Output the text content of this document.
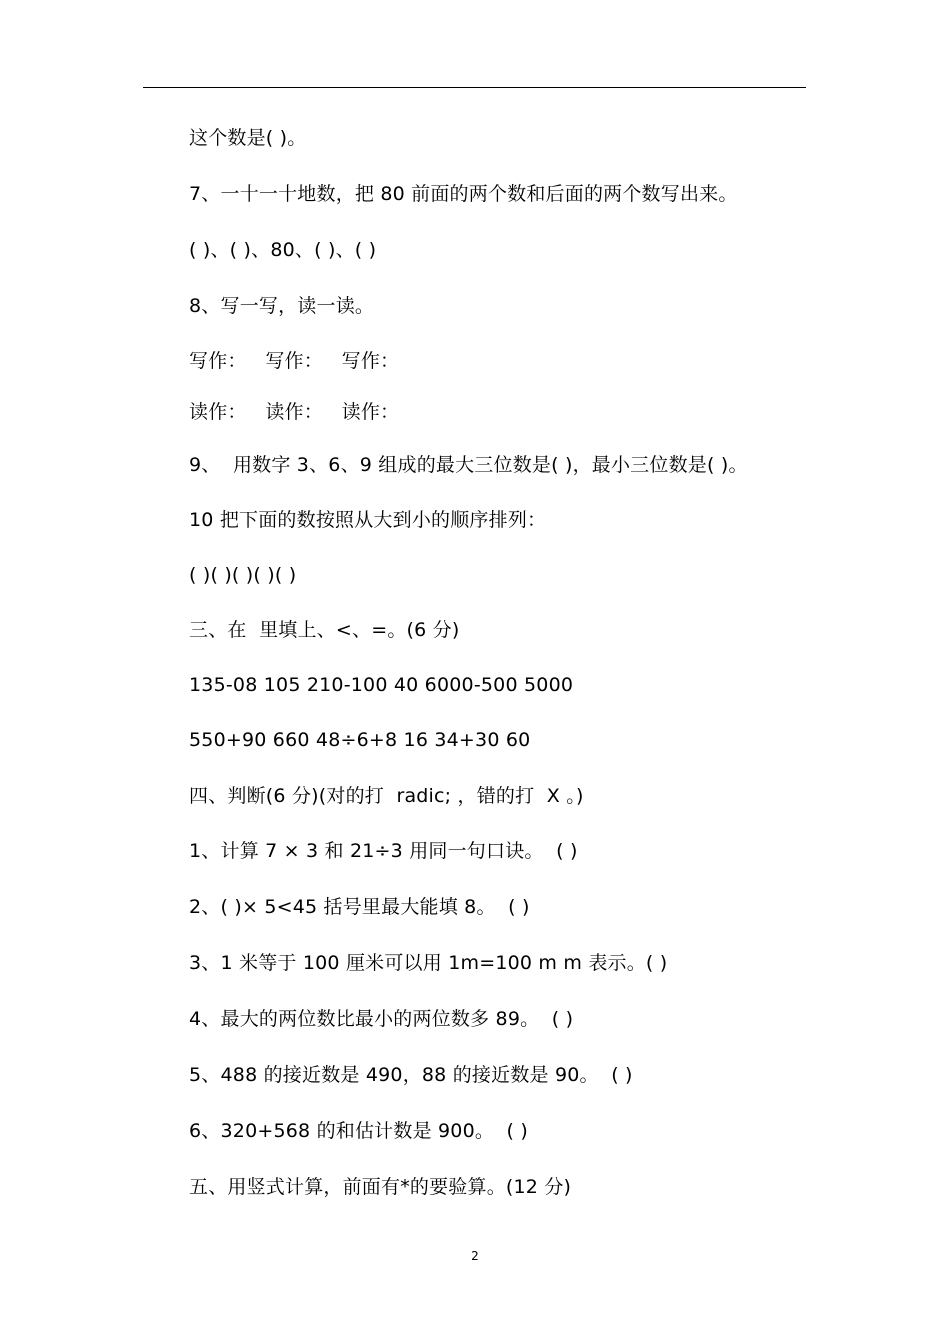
这个数是( )。
7、一十一十地数，把 80 前面的两个数和后面的两个数写出来。
( )、( )、80、( )、( )
8、写一写，读一读。
写作：   写作：   写作：
读作：   读作：   读作：
9、  用数字 3、6、9 组成的最大三位数是( )，最小三位数是( )。
10 把下面的数按照从大到小的顺序排列：
( )( )( )( )( )
三、在  里填上、<、=。(6 分)
135-08 105 210-100 40 6000-500 5000
550+90 660 48÷6+8 16 34+30 60
四、判断(6 分)(对的打  radic; ，错的打  X 。)
1、计算 7 × 3 和 21÷3 用同一句口诀。  ( )
2、( )× 5<45 括号里最大能填 8。  ( )
3、1 米等于 100 厘米可以用 1m=100 m m 表示。( )
4、最大的两位数比最小的两位数多 89。  ( )
5、488 的接近数是 490，88 的接近数是 90。  ( )
6、320+568 的和估计数是 900。  ( )
五、用竖式计算，前面有*的要验算。(12 分)
2
